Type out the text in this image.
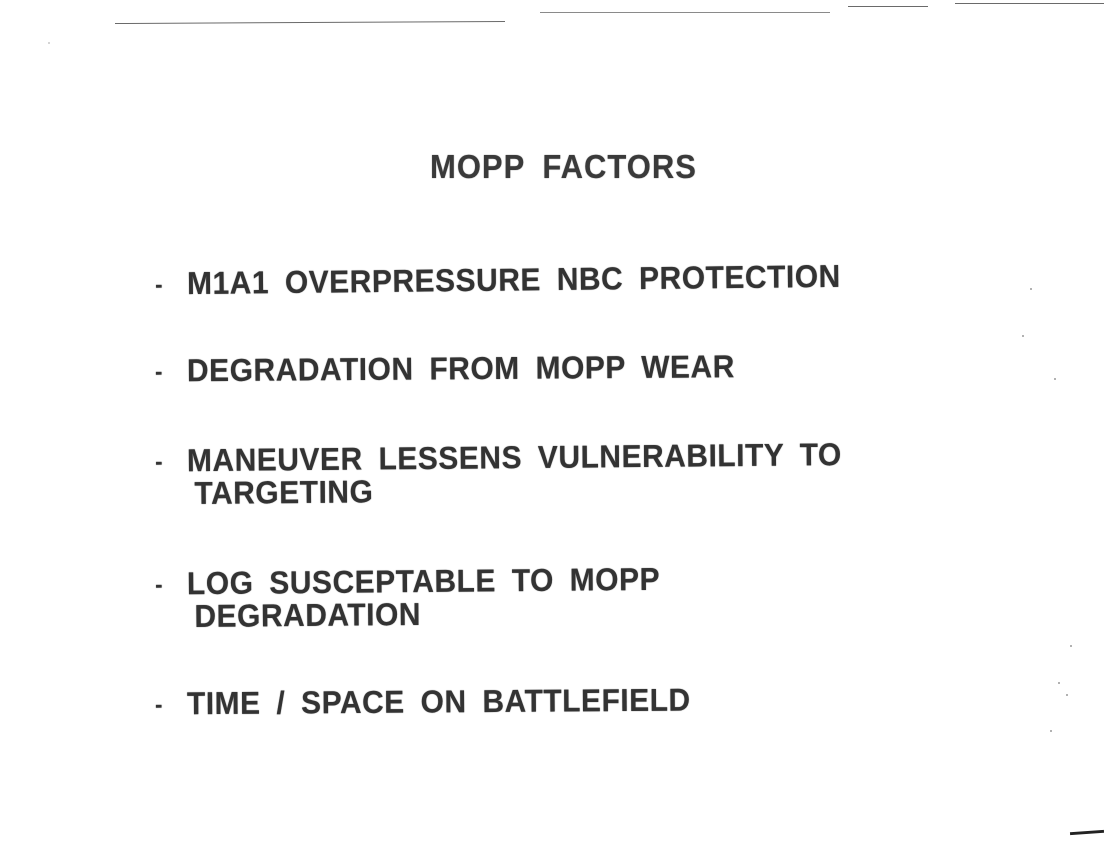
MOPP FACTORS
- M1A1 OVERPRESSURE NBC PROTECTION
- DEGRADATION FROM MOPP WEAR
- MANEUVER LESSENS VULNERABILITY TO
TARGETING
- LOG SUSCEPTABLE TO MOPP
DEGRADATION
- TIME / SPACE ON BATTLEFIELD
